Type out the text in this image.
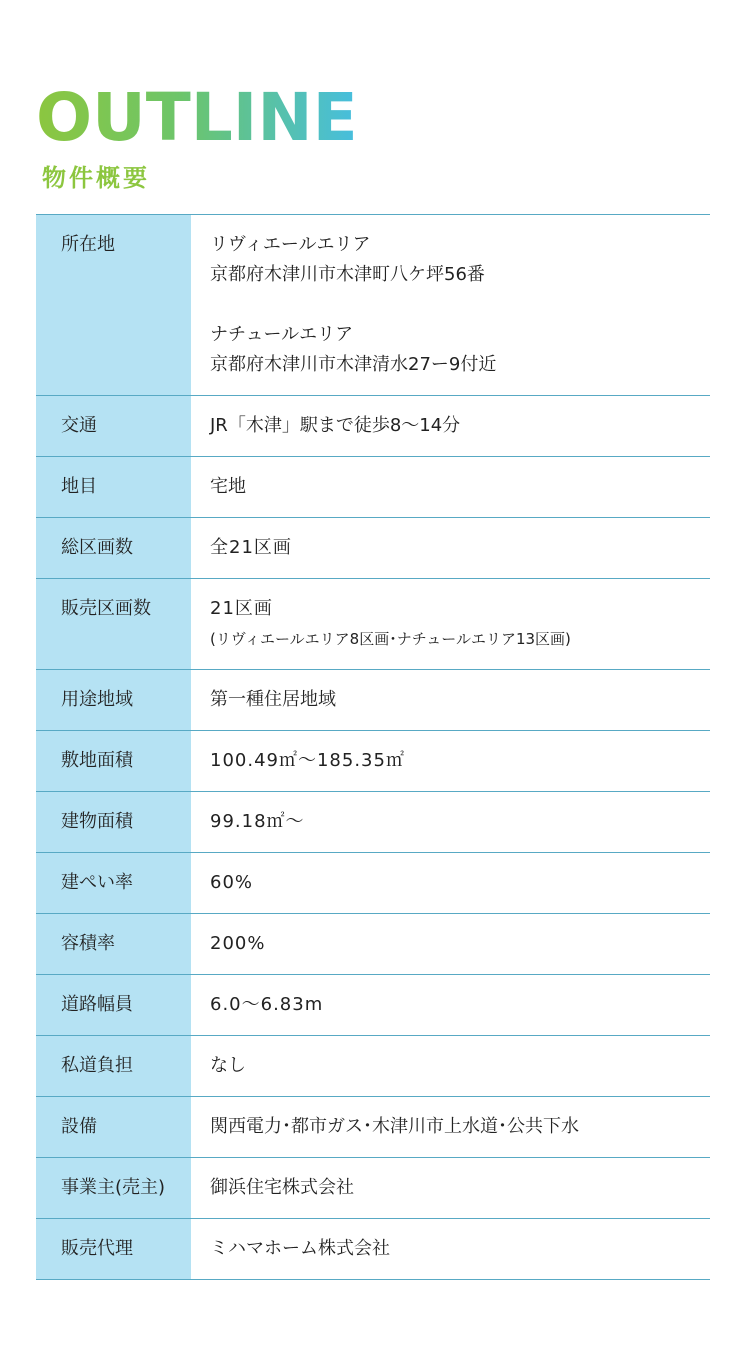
OUTLINE
物件概要
所在地	リヴィエールエリア
京都府木津川市木津町八ケ坪56番
ナチュールエリア
京都府木津川市木津清水27ー9付近

交通	JR「木津」駅まで徒歩8～14分
地目	宅地
総区画数	全21区画
販売区画数	21区画
(リヴィエールエリア8区画･ナチュールエリア13区画)

用途地域	第一種住居地域
敷地面積	100.49㎡～185.35㎡
建物面積	99.18㎡～
建ぺい率	60%
容積率	200%
道路幅員	6.0～6.83m
私道負担	なし
設備	関西電力･都市ガス･木津川市上水道･公共下水
事業主(売主)	御浜住宅株式会社
販売代理	ミハマホーム株式会社
